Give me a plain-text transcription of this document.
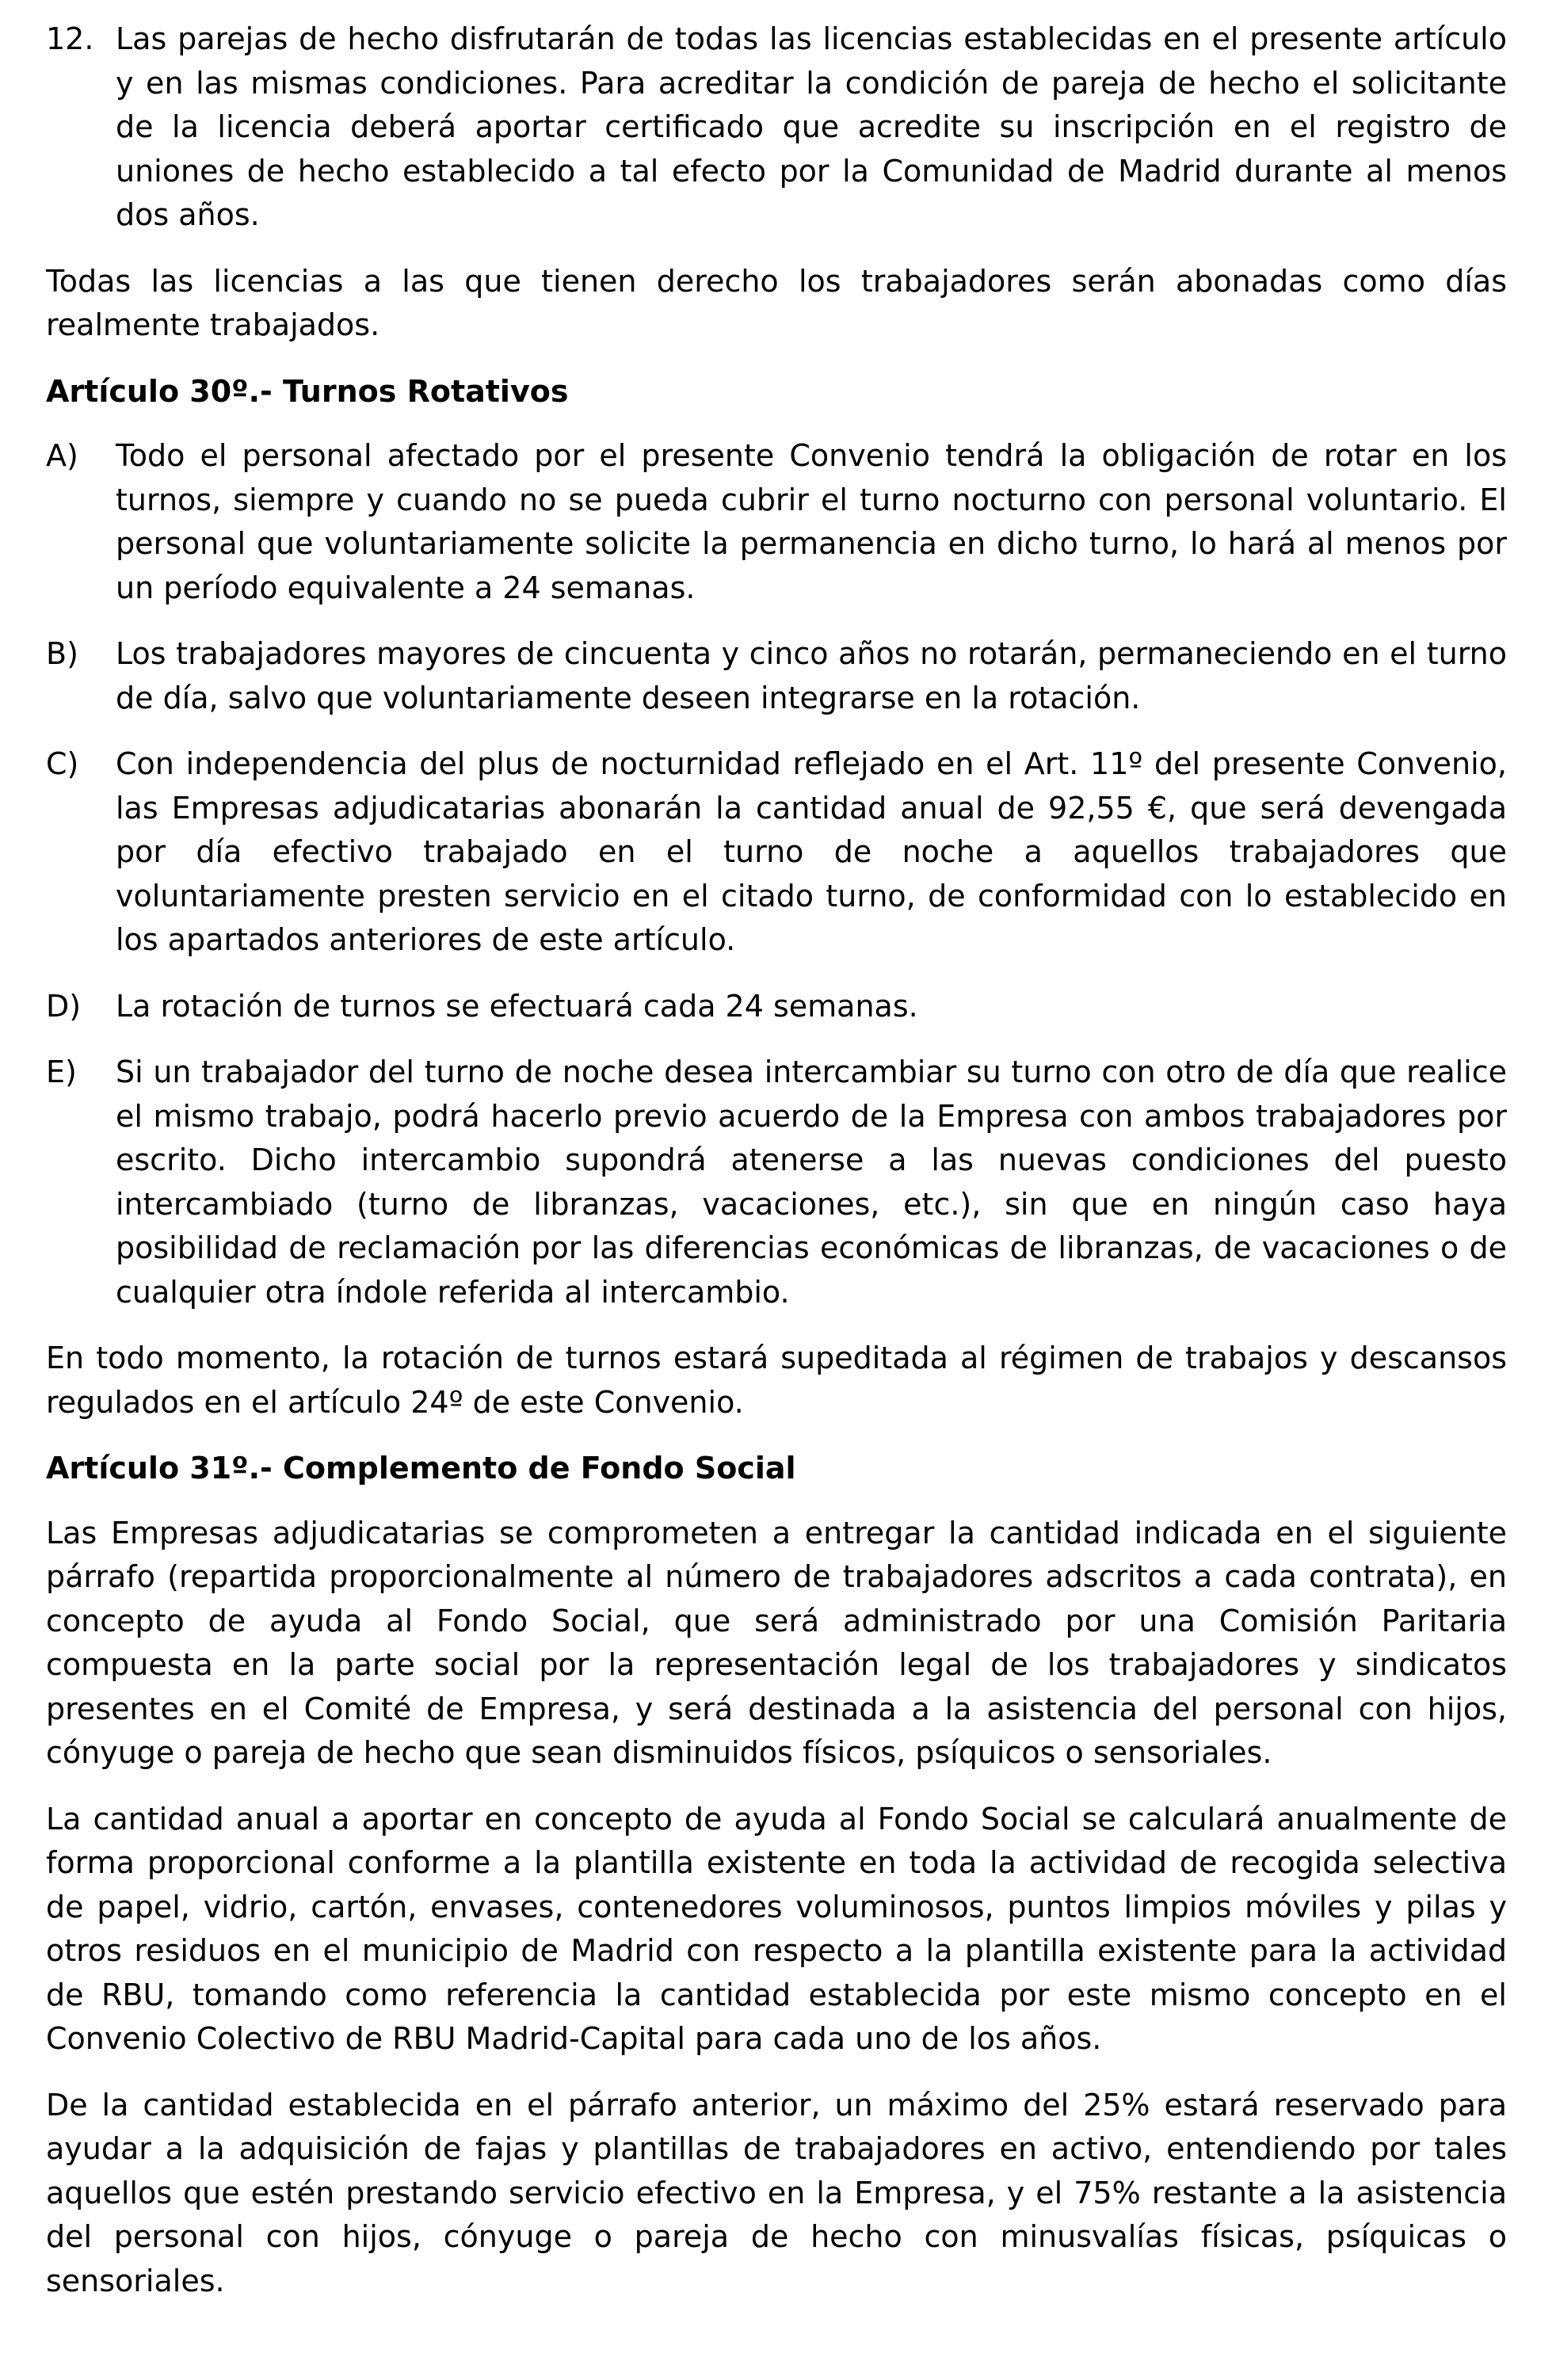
12. Las parejas de hecho disfrutarán de todas las licencias establecidas en el presente artículo y en las mismas condiciones. Para acreditar la condición de pareja de hecho el solicitante de la licencia deberá aportar certificado que acredite su inscripción en el registro de uniones de hecho establecido a tal efecto por la Comunidad de Madrid durante al menos dos años.

Todas las licencias a las que tienen derecho los trabajadores serán abonadas como días realmente trabajados.

Artículo 30º.- Turnos Rotativos
A)	Todo el personal afectado por el presente Convenio tendrá la obligación de rotar en los turnos, siempre y cuando no se pueda cubrir el turno nocturno con personal voluntario. El personal que voluntariamente solicite la permanencia en dicho turno, lo hará al menos por un período equivalente a 24 semanas.
B)	Los trabajadores mayores de cincuenta y cinco años no rotarán, permaneciendo en el turno de día, salvo que voluntariamente deseen integrarse en la rotación.
C)	Con independencia del plus de nocturnidad reflejado en el Art. 11º del presente Convenio, las Empresas adjudicatarias abonarán la cantidad anual de 92,55 €, que será devengada por día efectivo trabajado en el turno de noche a aquellos trabajadores que voluntariamente presten servicio en el citado turno, de conformidad con lo establecido en los apartados anteriores de este artículo.
D)	La rotación de turnos se efectuará cada 24 semanas.
E)	Si un trabajador del turno de noche desea intercambiar su turno con otro de día que realice el mismo trabajo, podrá hacerlo previo acuerdo de la Empresa con ambos trabajadores por escrito. Dicho intercambio supondrá atenerse a las nuevas condiciones del puesto intercambiado (turno de libranzas, vacaciones, etc.), sin que en ningún caso haya posibilidad de reclamación por las diferencias económicas de libranzas, de vacaciones o de cualquier otra índole referida al intercambio.

En todo momento, la rotación de turnos estará supeditada al régimen de trabajos y descansos regulados en el artículo 24º de este Convenio.

Artículo 31º.- Complemento de Fondo Social

Las Empresas adjudicatarias se comprometen a entregar la cantidad indicada en el siguiente párrafo (repartida proporcionalmente al número de trabajadores adscritos a cada contrata), en concepto de ayuda al Fondo Social, que será administrado por una Comisión Paritaria compuesta en la parte social por la representación legal de los trabajadores y sindicatos presentes en el Comité de Empresa, y será destinada a la asistencia del personal con hijos, cónyuge o pareja de hecho que sean disminuidos físicos, psíquicos o sensoriales.

La cantidad anual a aportar en concepto de ayuda al Fondo Social se calculará anualmente de forma proporcional conforme a la plantilla existente en toda la actividad de recogida selectiva de papel, vidrio, cartón, envases, contenedores voluminosos, puntos limpios móviles y pilas y otros residuos en el municipio de Madrid con respecto a la plantilla existente para la actividad de RBU, tomando como referencia la cantidad establecida por este mismo concepto en el Convenio Colectivo de RBU Madrid-Capital para cada uno de los años.

De la cantidad establecida en el párrafo anterior, un máximo del 25% estará reservado para ayudar a la adquisición de fajas y plantillas de trabajadores en activo, entendiendo por tales aquellos que estén prestando servicio efectivo en la Empresa, y el 75% restante a la asistencia del personal con hijos, cónyuge o pareja de hecho con minusvalías físicas, psíquicas o sensoriales.
